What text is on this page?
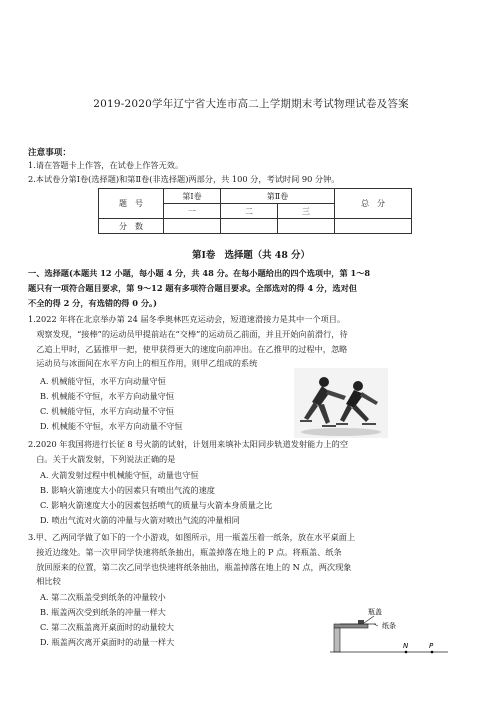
2019-2020学年辽宁省大连市高二上学期期末考试物理试卷及答案
注意事项：
1.请在答题卡上作答，在试卷上作答无效。
2.本试卷分第Ⅰ卷(选择题)和第Ⅱ卷(非选择题)两部分，共 100 分，考试时间 90 分钟。
题　号	第Ⅰ卷	第Ⅱ卷		总　分
	一	二	三	
分　数				
第Ⅰ卷　选择题（共 48 分）
一、选择题(本题共 12 小题，每小题 4 分，共 48 分。在每小题给出的四个选项中，第 1～8
题只有一项符合题目要求，第 9～12 题有多项符合题目要求。全部选对的得 4 分，选对但
不全的得 2 分，有选错的得 0 分。)
1.2022 年将在北京举办第 24 届冬季奥林匹克运动会，短道速滑接力是其中一个项目。
　观察发现，“接棒”的运动员甲提前站在“交棒”的运动员乙前面，并且开始向前滑行，待
　乙追上甲时，乙猛推甲一把，使甲获得更大的速度向前冲出。在乙推甲的过程中，忽略
　运动员与冰面间在水平方向上的相互作用，则甲乙组成的系统
A. 机械能守恒，水平方向动量守恒
B. 机械能不守恒，水平方向动量守恒
C. 机械能守恒，水平方向动量不守恒
D. 机械能不守恒，水平方向动量不守恒
2.2020 年我国将进行长征 8 号火箭的试射，计划用来填补太阳同步轨道发射能力上的空
　白。关于火箭发射，下列说法正确的是
A. 火箭发射过程中机械能守恒，动量也守恒
B. 影响火箭速度大小的因素只有喷出气流的速度
C. 影响火箭速度大小的因素包括喷气的质量与火箭本身质量之比
D. 喷出气流对火箭的冲量与火箭对喷出气流的冲量相同
3.甲、乙两同学做了如下的一个小游戏，如图所示，用一瓶盖压着一纸条，放在水平桌面上
　接近边缘处。第一次甲同学快速将纸条抽出，瓶盖掉落在地上的 P 点。将瓶盖、纸条
　放回原来的位置，第二次乙同学也快速将纸条抽出，瓶盖掉落在地上的 N 点，两次现象
　相比较
A. 第二次瓶盖受到纸条的冲量较小
B. 瓶盖两次受到纸条的冲量一样大
C. 第二次瓶盖离开桌面时的动量较大
D. 瓶盖两次离开桌面时的动量一样大
瓶盖
纸条
N	P
